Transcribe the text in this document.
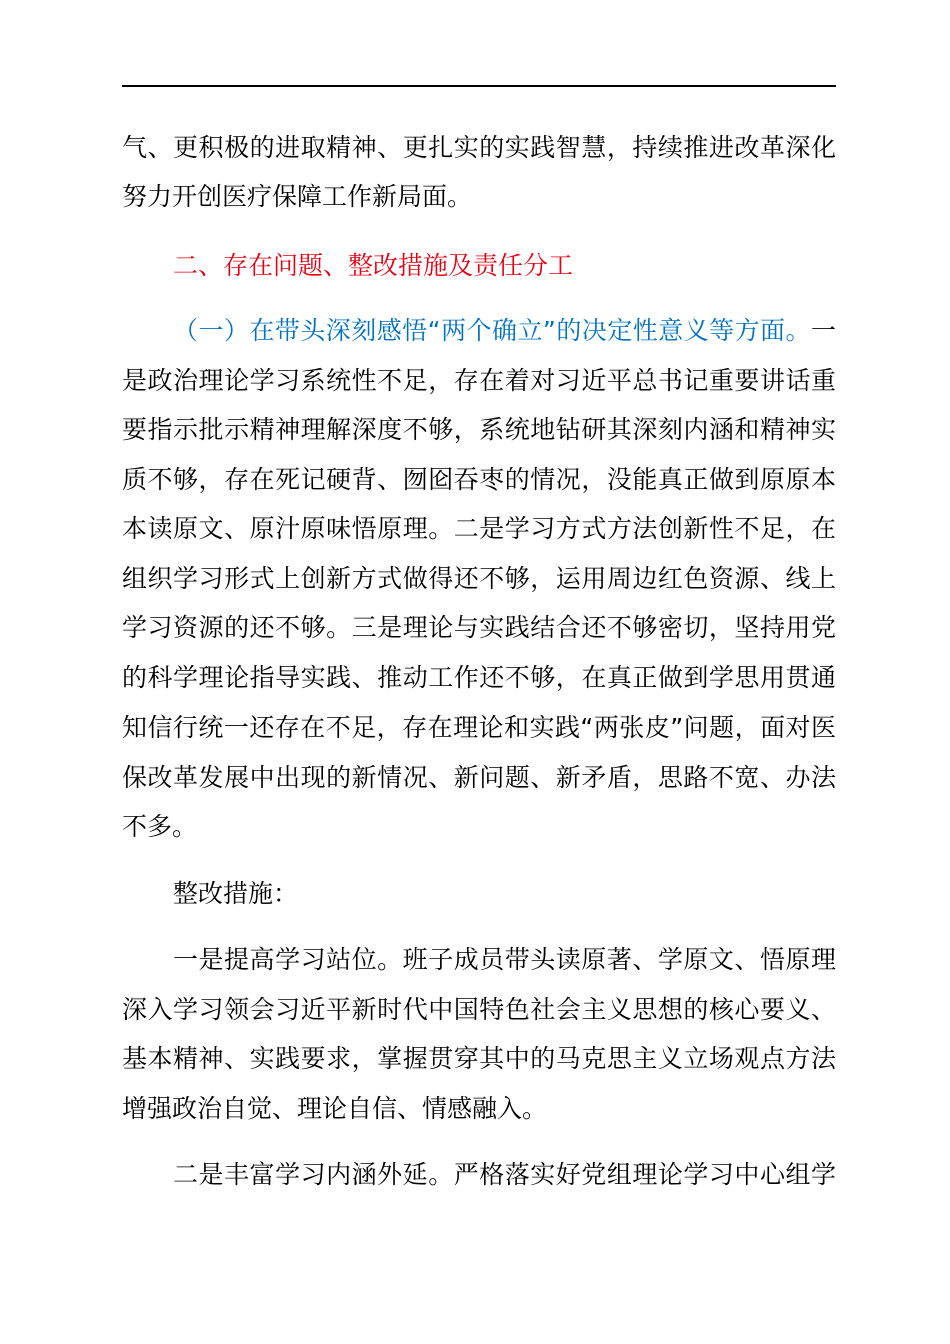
气、更积极的进取精神、更扎实的实践智慧，持续推进改革深化
努力开创医疗保障工作新局面。
二、存在问题、整改措施及责任分工
（一）在带头深刻感悟“两个确立”的决定性意义等方面。一
是政治理论学习系统性不足，存在着对习近平总书记重要讲话重
要指示批示精神理解深度不够，系统地钻研其深刻内涵和精神实
质不够，存在死记硬背、囫囵吞枣的情况，没能真正做到原原本
本读原文、原汁原味悟原理。二是学习方式方法创新性不足，在
组织学习形式上创新方式做得还不够，运用周边红色资源、线上
学习资源的还不够。三是理论与实践结合还不够密切，坚持用党
的科学理论指导实践、推动工作还不够，在真正做到学思用贯通
知信行统一还存在不足，存在理论和实践“两张皮”问题，面对医
保改革发展中出现的新情况、新问题、新矛盾，思路不宽、办法
不多。
整改措施：
一是提高学习站位。班子成员带头读原著、学原文、悟原理
深入学习领会习近平新时代中国特色社会主义思想的核心要义、
基本精神、实践要求，掌握贯穿其中的马克思主义立场观点方法
增强政治自觉、理论自信、情感融入。
二是丰富学习内涵外延。严格落实好党组理论学习中心组学
